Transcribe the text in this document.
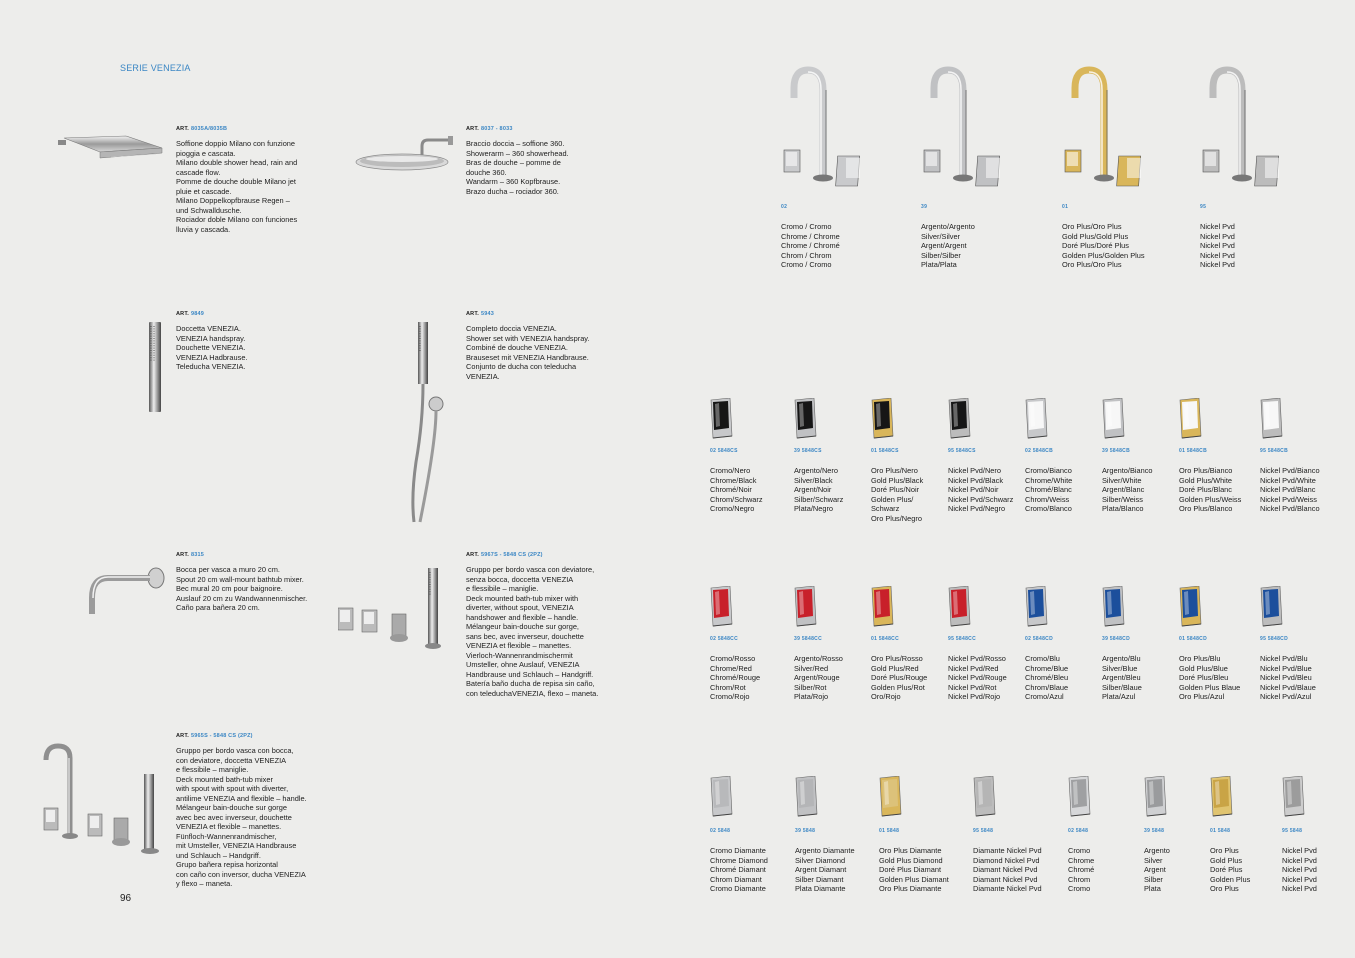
SERIE VENEZIA
96
ART. 8035A/8035B
Soffione doppio Milano con funzione
pioggia e cascata.
Milano double shower head, rain and
cascade flow.
Pomme de douche double Milano jet
pluie et cascade.
Milano Doppelkopfbrause Regen –
und Schwalldusche.
Rociador doble Milano con funciones
lluvia y cascada.
ART. 8037 - 8033
Braccio doccia – soffione 360.
Showerarm – 360 showerhead.
Bras de douche – pomme de
douche 360.
Wandarm – 360 Kopfbrause.
Brazo ducha – rociador 360.
ART. 9849
Doccetta VENEZIA.
VENEZIA handspray.
Douchette VENEZIA.
VENEZIA Hadbrause.
Teleducha VENEZIA.
ART. 5943
Completo doccia VENEZIA.
Shower set with VENEZIA handspray.
Combiné de douche VENEZIA.
Brauseset mit VENEZIA Handbrause.
Conjunto de ducha con teleducha
VENEZIA.
ART. 8315
Bocca per vasca a muro 20 cm.
Spout 20 cm wall-mount bathtub mixer.
Bec mural 20 cm pour baignoire.
Auslauf 20 cm zu Wandwannenmischer.
Caño para bañera 20 cm.
ART. 5967S - 5848 CS (2PZ)
Gruppo per bordo vasca con deviatore,
senza bocca, doccetta VENEZIA
e flessibile – maniglie.
Deck mounted bath-tub mixer with
diverter, without spout, VENEZIA
handshower and flexible – handle.
Mélangeur bain-douche sur gorge,
sans bec, avec inverseur, douchette
VENEZIA et flexible – manettes.
Vierloch-Wannenrandmischermit
Umsteller, ohne Auslauf, VENEZIA
Handbrause und Schlauch – Handgriff.
Batería baño ducha de repisa sin caño,
con teleduchaVENEZIA, flexo – maneta.
ART. 5965S - 5848 CS (2PZ)
Gruppo per bordo vasca con bocca,
con deviatore, doccetta VENEZIA
e flessibile – maniglie.
Deck mounted bath-tub mixer
with spout with spout with diverter,
antilime VENEZIA and flexible – handle.
Mélangeur bain-douche sur gorge
avec bec avec inverseur, douchette
VENEZIA et flexible – manettes.
Fünfloch-Wannenrandmischer,
mit Umsteller, VENEZIA Handbrause
und Schlauch – Handgriff.
Grupo bañera repisa horizontal
con caño con inversor, ducha VENEZIA
y flexo – maneta.
02
Cromo / Cromo
Chrome / Chrome
Chrome / Chromé
Chrom / Chrom
Cromo / Cromo
39
Argento/Argento
Silver/Silver
Argent/Argent
Silber/Silber
Plata/Plata
01
Oro Plus/Oro Plus
Gold Plus/Gold Plus
Doré Plus/Doré Plus
Golden Plus/Golden Plus
Oro Plus/Oro Plus
95
Nickel Pvd
Nickel Pvd
Nickel Pvd
Nickel Pvd
Nickel Pvd
02 5848CS
Cromo/Nero
Chrome/Black
Chromé/Noir
Chrom/Schwarz
Cromo/Negro
39 5848CS
Argento/Nero
Silver/Black
Argent/Noir
Silber/Schwarz
Plata/Negro
01 5848CS
Oro Plus/Nero
Gold Plus/Black
Doré Plus/Noir
Golden Plus/
Schwarz
Oro Plus/Negro
95 5848CS
Nickel Pvd/Nero
Nickel Pvd/Black
Nickel Pvd/Noir
Nickel Pvd/Schwarz
Nickel Pvd/Negro
02 5848CB
Cromo/Bianco
Chrome/White
Chromé/Blanc
Chrom/Weiss
Cromo/Blanco
39 5848CB
Argento/Bianco
Silver/White
Argent/Blanc
Silber/Weiss
Plata/Blanco
01 5848CB
Oro Plus/Bianco
Gold Plus/White
Doré Plus/Blanc
Golden Plus/Weiss
Oro Plus/Blanco
95 5848CB
Nickel Pvd/Bianco
Nickel Pvd/White
Nickel Pvd/Blanc
Nickel Pvd/Weiss
Nickel Pvd/Blanco
02 5848CC
Cromo/Rosso
Chrome/Red
Chromé/Rouge
Chrom/Rot
Cromo/Rojo
39 5848CC
Argento/Rosso
Silver/Red
Argent/Rouge
Silber/Rot
Plata/Rojo
01 5848CC
Oro Plus/Rosso
Gold Plus/Red
Doré Plus/Rouge
Golden Plus/Rot
Oro/Rojo
95 5848CC
Nickel Pvd/Rosso
Nickel Pvd/Red
Nickel Pvd/Rouge
Nickel Pvd/Rot
Nickel Pvd/Rojo
02 5848CD
Cromo/Blu
Chrome/Blue
Chromé/Bleu
Chrom/Blaue
Cromo/Azul
39 5848CD
Argento/Blu
Silver/Blue
Argent/Bleu
Silber/Blaue
Plata/Azul
01 5848CD
Oro Plus/Blu
Gold Plus/Blue
Doré Plus/Bleu
Golden Plus Blaue
Oro Plus/Azul
95 5848CD
Nickel Pvd/Blu
Nickel Pvd/Blue
Nickel Pvd/Bleu
Nickel Pvd/Blaue
Nickel Pvd/Azul
02 5848
Cromo Diamante
Chrome Diamond
Chromé Diamant
Chrom Diamant
Cromo Diamante
39 5848
Argento Diamante
Silver Diamond
Argent Diamant
Silber Diamant
Plata Diamante
01 5848
Oro Plus Diamante
Gold Plus Diamond
Doré Plus Diamant
Golden Plus Diamant
Oro Plus Diamante
95 5848
Diamante Nickel Pvd
Diamond Nickel Pvd
Diamant Nickel Pvd
Diamant Nickel Pvd
Diamante Nickel Pvd
02 5848
Cromo
Chrome
Chromé
Chrom
Cromo
39 5848
Argento
Silver
Argent
Silber
Plata
01 5848
Oro Plus
Gold Plus
Doré Plus
Golden Plus
Oro Plus
95 5848
Nickel Pvd
Nickel Pvd
Nickel Pvd
Nickel Pvd
Nickel Pvd
